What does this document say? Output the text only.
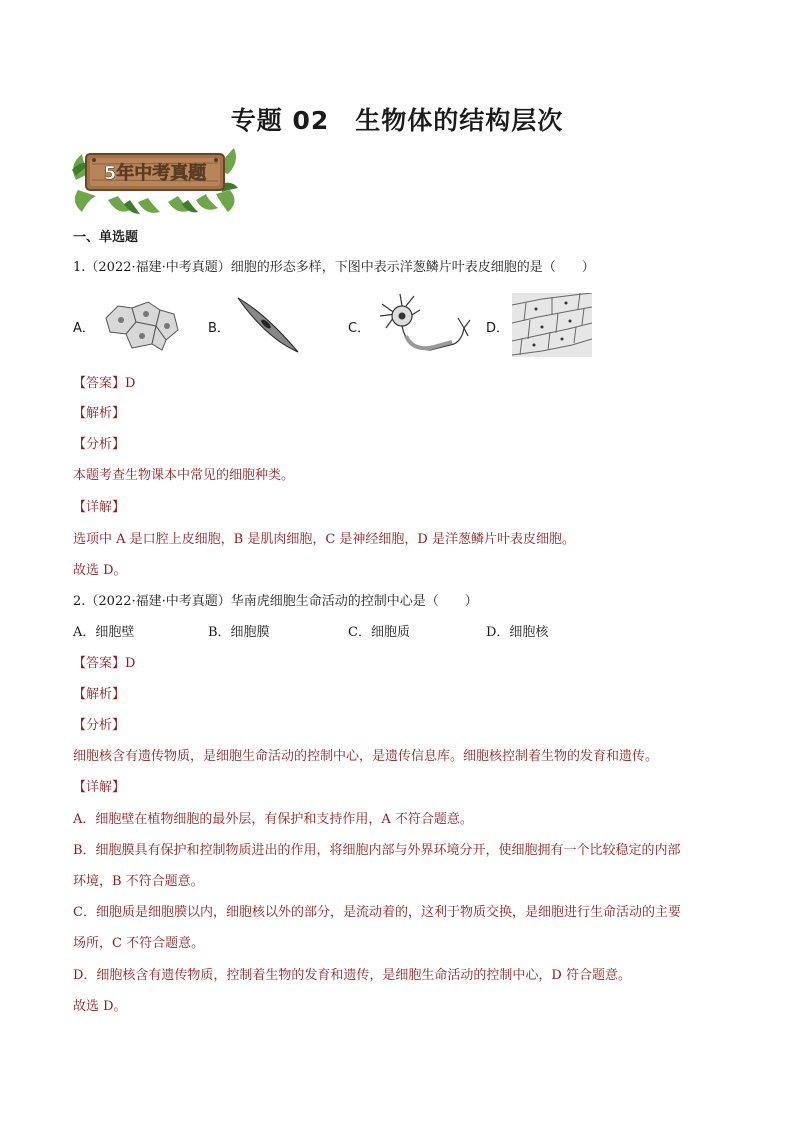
专题 02　生物体的结构层次
5年中考真题
一、单选题
1.（2022·福建·中考真题）细胞的形态多样，下图中表示洋葱鳞片叶表皮细胞的是（　　）
A．	B．	C．	D．
【答案】D
【解析】
【分析】
本题考查生物课本中常见的细胞种类。
【详解】
选项中 A 是口腔上皮细胞，B 是肌肉细胞，C 是神经细胞，D 是洋葱鳞片叶表皮细胞。
故选 D。
2.（2022·福建·中考真题）华南虎细胞生命活动的控制中心是（　　）
A．细胞壁	B．细胞膜	C．细胞质	D．细胞核
【答案】D
【解析】
【分析】
细胞核含有遗传物质，是细胞生命活动的控制中心，是遗传信息库。细胞核控制着生物的发育和遗传。
【详解】
A．细胞壁在植物细胞的最外层，有保护和支持作用，A 不符合题意。
B．细胞膜具有保护和控制物质进出的作用，将细胞内部与外界环境分开，使细胞拥有一个比较稳定的内部
环境，B 不符合题意。
C．细胞质是细胞膜以内，细胞核以外的部分，是流动着的，这利于物质交换，是细胞进行生命活动的主要
场所，C 不符合题意。
D．细胞核含有遗传物质，控制着生物的发育和遗传，是细胞生命活动的控制中心，D 符合题意。
故选 D。
